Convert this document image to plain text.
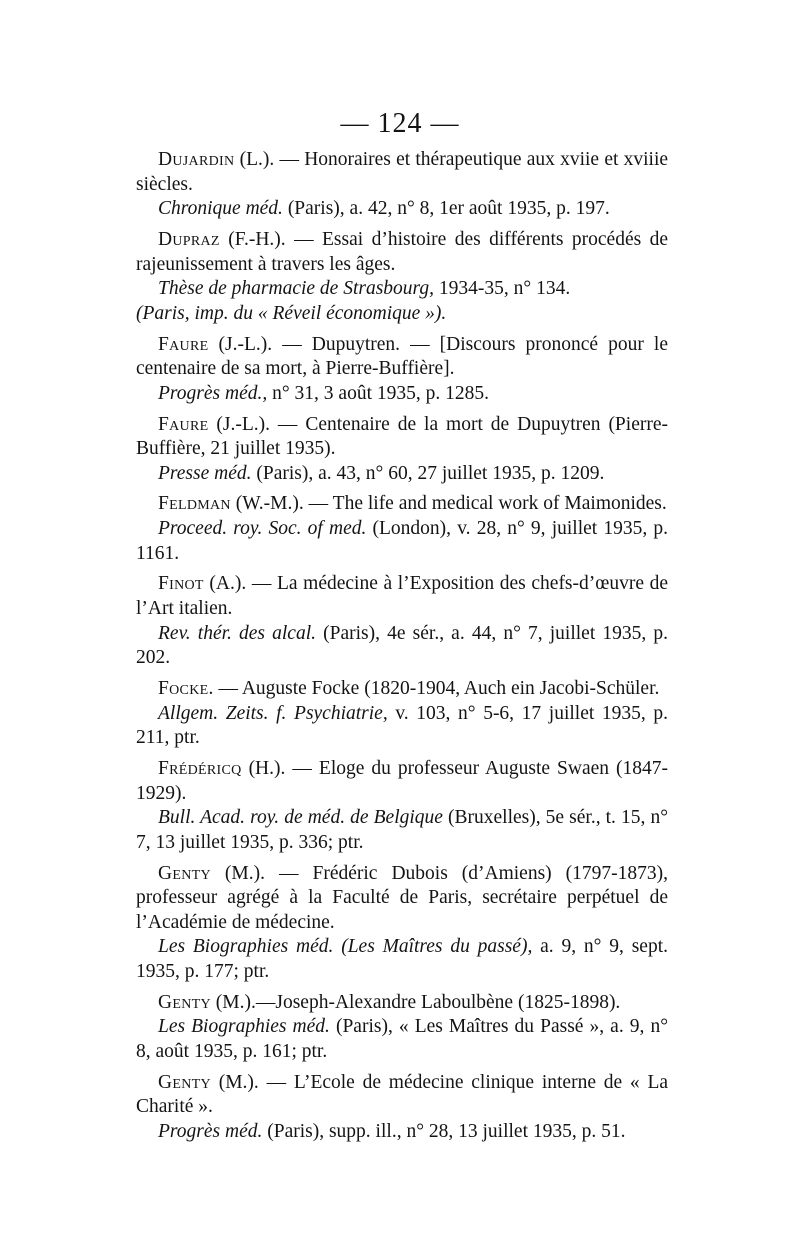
— 124 —

Dujardin (L.). — Honoraires et thérapeutique aux xviie et xviiie siècles.

Chronique méd. (Paris), a. 42, n° 8, 1er août 1935, p. 197.

Dupraz (F.-H.). — Essai d’histoire des différents procédés de rajeunissement à travers les âges.

Thèse de pharmacie de Strasbourg, 1934-35, n° 134.

(Paris, imp. du « Réveil économique »).

Faure (J.-L.). — Dupuytren. — [Discours prononcé pour le centenaire de sa mort, à Pierre-Buffière].

Progrès méd., n° 31, 3 août 1935, p. 1285.

Faure (J.-L.). — Centenaire de la mort de Dupuytren (Pierre-Buffière, 21 juillet 1935).

Presse méd. (Paris), a. 43, n° 60, 27 juillet 1935, p. 1209.

Feldman (W.-M.). — The life and medical work of Maimonides.

Proceed. roy. Soc. of med. (London), v. 28, n° 9, juillet 1935, p. 1161.

Finot (A.). — La médecine à l’Exposition des chefs-d’œuvre de l’Art italien.

Rev. thér. des alcal. (Paris), 4e sér., a. 44, n° 7, juillet 1935, p. 202.

Focke. — Auguste Focke (1820-1904, Auch ein Jacobi-Schüler.

Allgem. Zeits. f. Psychiatrie, v. 103, n° 5-6, 17 juillet 1935, p. 211, ptr.

Frédéricq (H.). — Eloge du professeur Auguste Swaen (1847-1929).

Bull. Acad. roy. de méd. de Belgique (Bruxelles), 5e sér., t. 15, n° 7, 13 juillet 1935, p. 336; ptr.

Genty (M.). — Frédéric Dubois (d’Amiens) (1797-1873), professeur agrégé à la Faculté de Paris, secrétaire perpétuel de l’Académie de médecine.

Les Biographies méd. (Les Maîtres du passé), a. 9, n° 9, sept. 1935, p. 177; ptr.

Genty (M.).—Joseph-Alexandre Laboulbène (1825-1898).

Les Biographies méd. (Paris), « Les Maîtres du Passé », a. 9, n° 8, août 1935, p. 161; ptr.

Genty (M.). — L’Ecole de médecine clinique interne de « La Charité ».

Progrès méd. (Paris), supp. ill., n° 28, 13 juillet 1935, p. 51.
